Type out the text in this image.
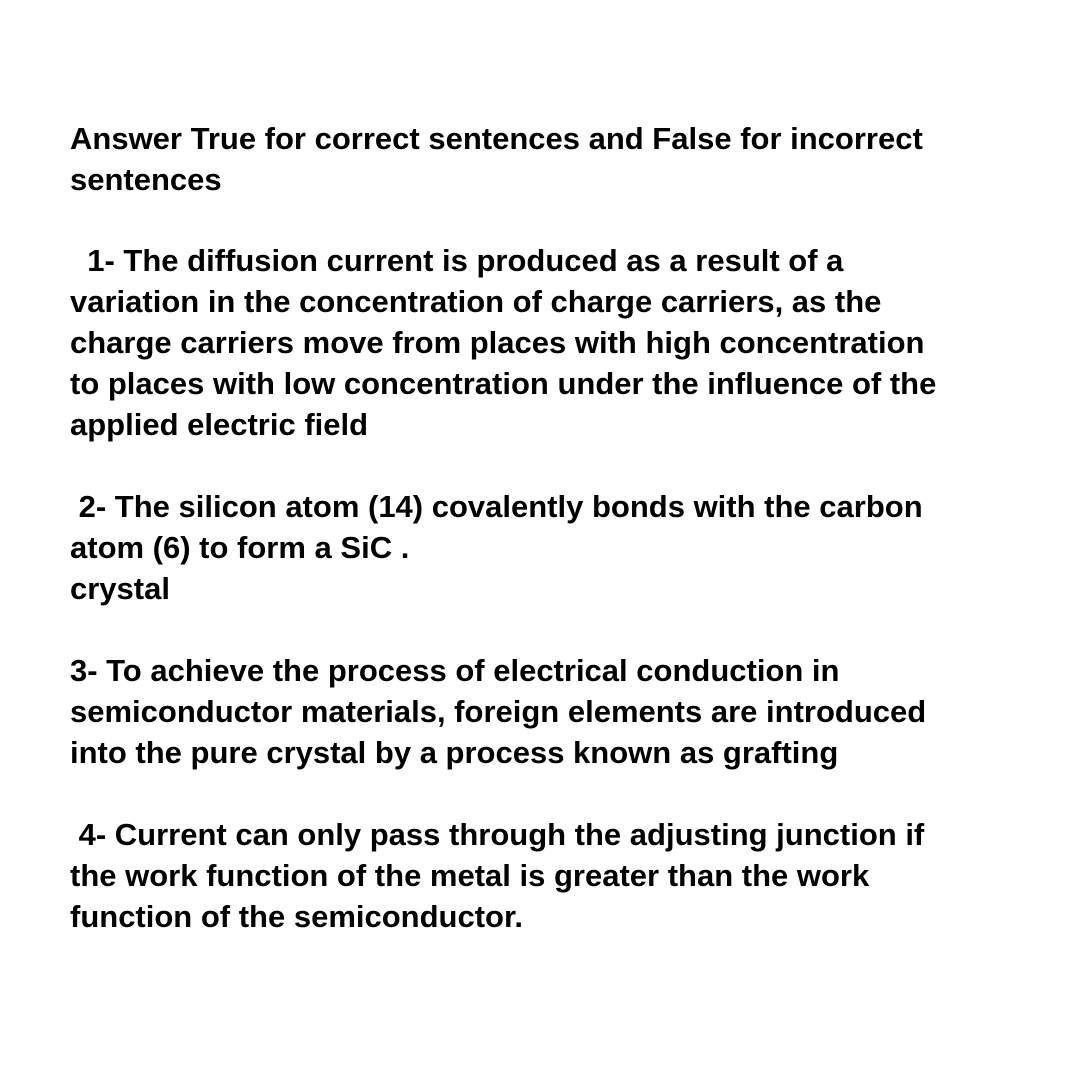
Answer True for correct sentences and False for incorrect
sentences

1- The diffusion current is produced as a result of a
variation in the concentration of charge carriers, as the
charge carriers move from places with high concentration
to places with low concentration under the influence of the
applied electric field

2- The silicon atom (14) covalently bonds with the carbon
atom (6) to form a SiC .
crystal

3- To achieve the process of electrical conduction in
semiconductor materials, foreign elements are introduced
into the pure crystal by a process known as grafting

4- Current can only pass through the adjusting junction if
the work function of the metal is greater than the work
function of the semiconductor.
